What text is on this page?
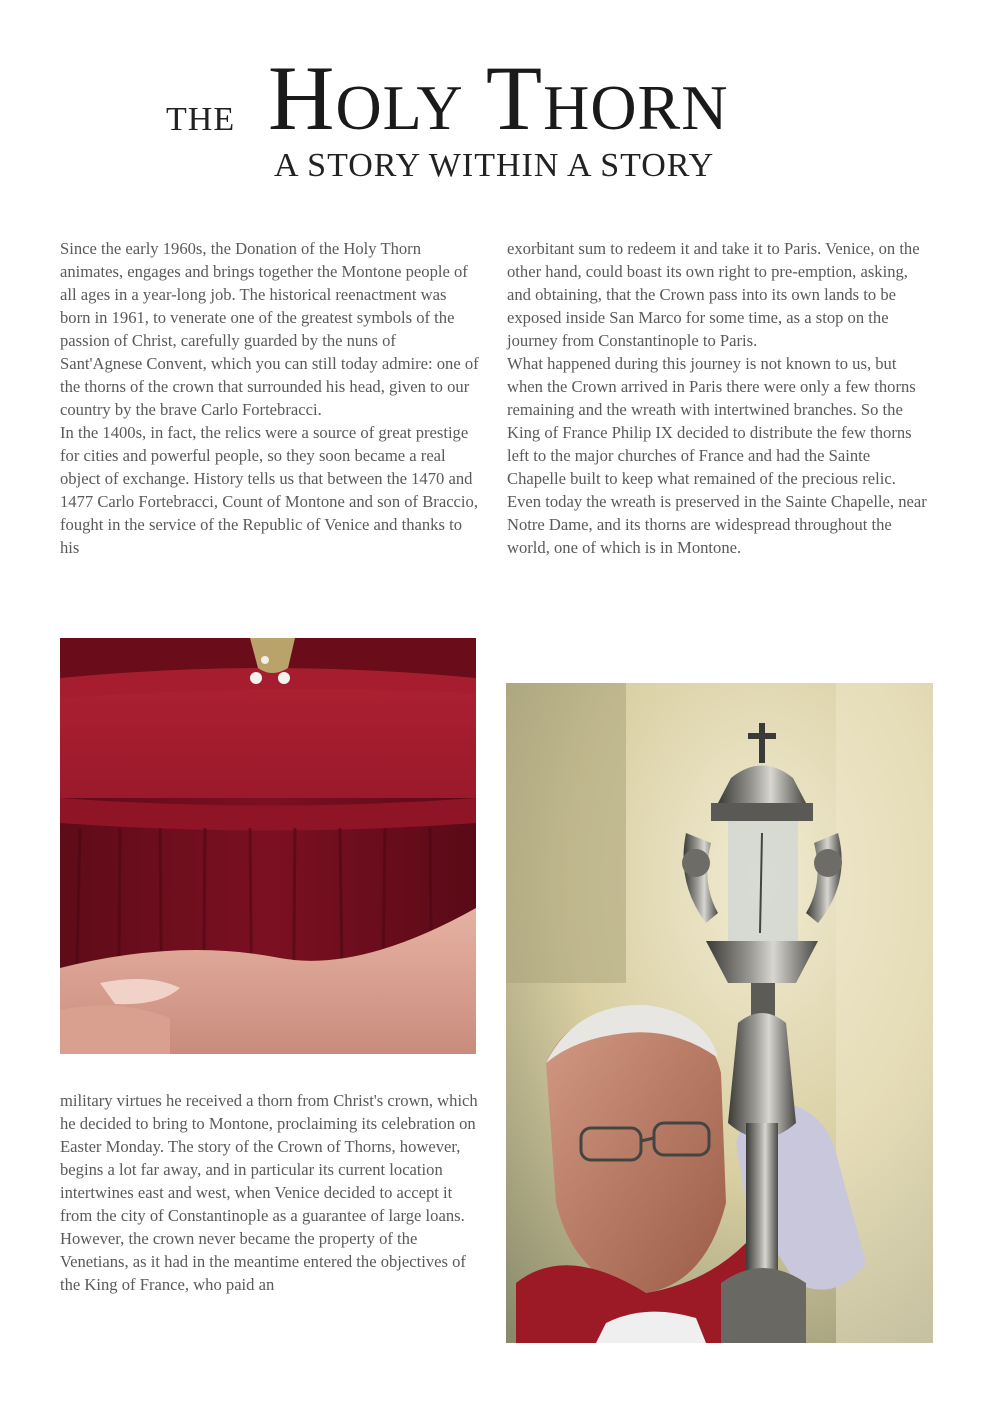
THE Holy Thorn
A STORY WITHIN A STORY

Since the early 1960s, the Donation of the Holy Thorn animates, engages and brings together the Montone people of all ages in a year-long job. The historical reenactment was born in 1961, to venerate one of the greatest symbols of the passion of Christ, carefully guarded by the nuns of Sant'Agnese Convent, which you can still today admire: one of the thorns of the crown that surrounded his head, given to our country by the brave Carlo Fortebracci.

In the 1400s, in fact, the relics were a source of great prestige for cities and powerful people, so they soon became a real object of exchange. History tells us that between the 1470 and 1477 Carlo Fortebracci, Count of Montone and son of Braccio, fought in the service of the Republic of Venice and thanks to his

exorbitant sum to redeem it and take it to Paris. Venice, on the other hand, could boast its own right to pre-emption, asking, and obtaining, that the Crown pass into its own lands to be exposed inside San Marco for some time, as a stop on the journey from Constantinople to Paris.

What happened during this journey is not known to us, but when the Crown arrived in Paris there were only a few thorns remaining and the wreath with intertwined branches. So the King of France Philip IX decided to distribute the few thorns left to the major churches of France and had the Sainte Chapelle built to keep what remained of the precious relic. Even today the wreath is preserved in the Sainte Chapelle, near Notre Dame, and its thorns are widespread throughout the world, one of which is in Montone.

military virtues he received a thorn from Christ's crown, which he decided to bring to Montone, proclaiming its celebration on Easter Monday. The story of the Crown of Thorns, however, begins a lot far away, and in particular its current location intertwines east and west, when Venice decided to accept it from the city of Constantinople as a guarantee of large loans.

However, the crown never became the property of the Venetians, as it had in the meantime entered the objectives of the King of France, who paid an
